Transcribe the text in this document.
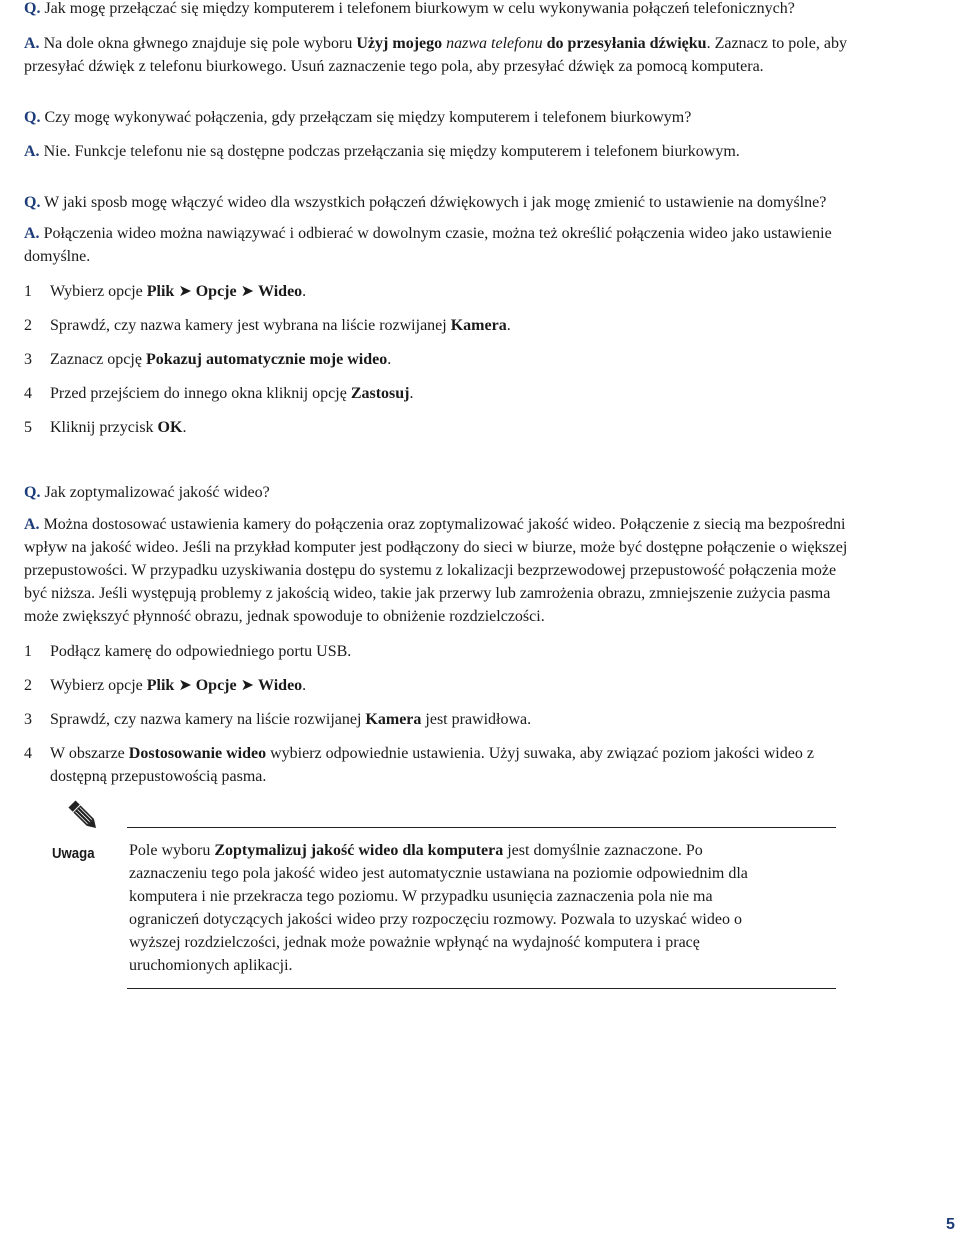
Q. Jak mogę przełączać się między komputerem i telefonem biurkowym w celu wykonywania połączeń telefonicznych?

A. Na dole okna głwnego znajduje się pole wyboru Użyj mojego nazwa telefonu do przesyłania dźwięku. Zaznacz to pole, aby

przesyłać dźwięk z telefonu biurkowego. Usuń zaznaczenie tego pola, aby przesyłać dźwięk za pomocą komputera.

Q. Czy mogę wykonywać połączenia, gdy przełączam się między komputerem i telefonem biurkowym?

A. Nie. Funkcje telefonu nie są dostępne podczas przełączania się między komputerem i telefonem biurkowym.

Q. W jaki sposb mogę włączyć wideo dla wszystkich połączeń dźwiękowych i jak mogę zmienić to ustawienie na domyślne?

A. Połączenia wideo można nawiązywać i odbierać w dowolnym czasie, można też określić połączenia wideo jako ustawienie

domyślne.

1 Wybierz opcje Plik ➤ Opcje ➤ Wideo.
2 Sprawdź, czy nazwa kamery jest wybrana na liście rozwijanej Kamera.
3 Zaznacz opcję Pokazuj automatycznie moje wideo.
4 Przed przejściem do innego okna kliknij opcję Zastosuj.
5 Kliknij przycisk OK.

Q. Jak zoptymalizować jakość wideo?

A. Można dostosować ustawienia kamery do połączenia oraz zoptymalizować jakość wideo. Połączenie z siecią ma bezpośredni

wpływ na jakość wideo. Jeśli na przykład komputer jest podłączony do sieci w biurze, może być dostępne połączenie o większej

przepustowości. W przypadku uzyskiwania dostępu do systemu z lokalizacji bezprzewodowej przepustowość połączenia może

być niższa. Jeśli występują problemy z jakością wideo, takie jak przerwy lub zamrożenia obrazu, zmniejszenie zużycia pasma

może zwiększyć płynność obrazu, jednak spowoduje to obniżenie rozdzielczości.

1 Podłącz kamerę do odpowiedniego portu USB.
2 Wybierz opcje Plik ➤ Opcje ➤ Wideo.
3 Sprawdź, czy nazwa kamery na liście rozwijanej Kamera jest prawidłowa.
4 W obszarze Dostosowanie wideo wybierz odpowiednie ustawienia. Użyj suwaka, aby związać poziom jakości wideo z
dostępną przepustowością pasma.
Uwaga Pole wyboru Zoptymalizuj jakość wideo dla komputera jest domyślnie zaznaczone. Po
zaznaczeniu tego pola jakość wideo jest automatycznie ustawiana na poziomie odpowiednim dla
komputera i nie przekracza tego poziomu. W przypadku usunięcia zaznaczenia pola nie ma
ograniczeń dotyczących jakości wideo przy rozpoczęciu rozmowy. Pozwala to uzyskać wideo o
wyższej rozdzielczości, jednak może poważnie wpłynąć na wydajność komputera i pracę
uruchomionych aplikacji.
5
